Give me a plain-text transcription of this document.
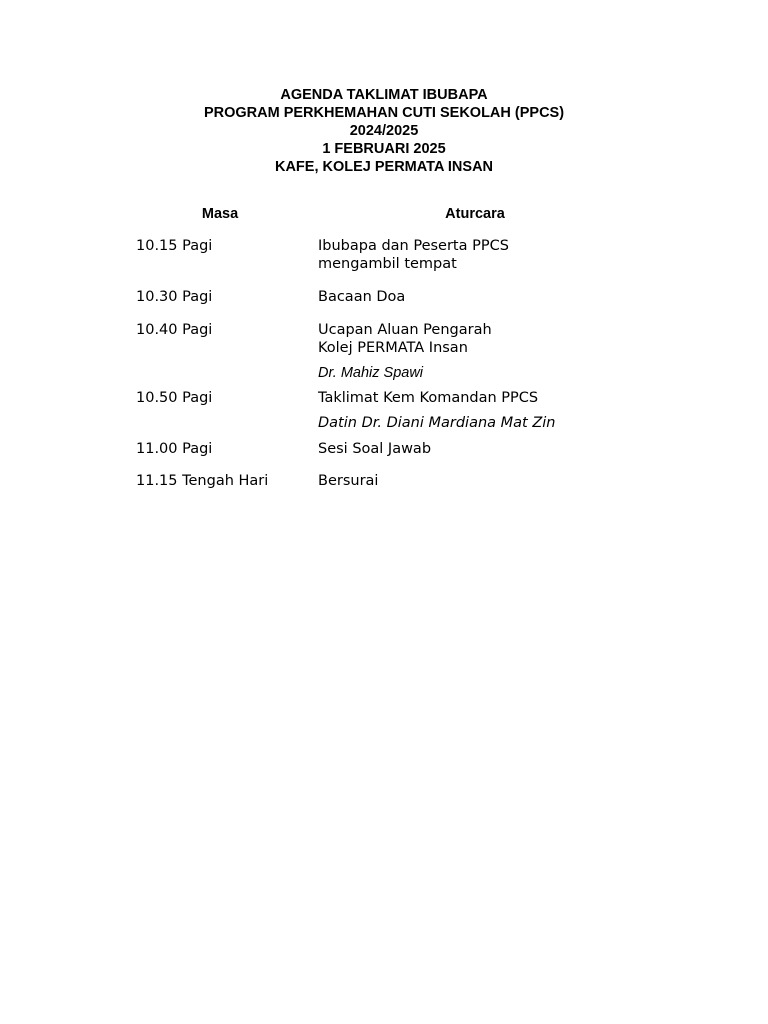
AGENDA TAKLIMAT IBUBAPA
PROGRAM PERKHEMAHAN CUTI SEKOLAH (PPCS)
2024/2025
1 FEBRUARI 2025
KAFE, KOLEJ PERMATA INSAN
Masa	Aturcara
10.15 Pagi	Ibubapa dan Peserta PPCS
mengambil tempat
10.30 Pagi	Bacaan Doa
10.40 Pagi	Ucapan Aluan Pengarah
Kolej PERMATA Insan
Dr. Mahiz Spawi
10.50 Pagi	Taklimat Kem Komandan PPCS
Datin Dr. Diani Mardiana Mat Zin
11.00 Pagi	Sesi Soal Jawab
11.15 Tengah Hari	Bersurai
